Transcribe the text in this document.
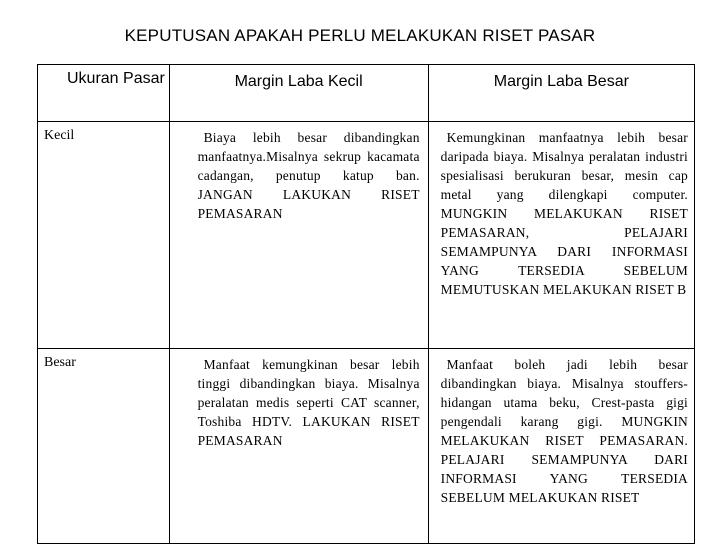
KEPUTUSAN APAKAH PERLU MELAKUKAN RISET PASAR
Ukuran Pasar	Margin Laba Kecil	Margin Laba Besar
Kecil	Biaya lebih besar dibandingkan manfaatnya.Misalnya sekrup kacamata cadangan, penutup katup ban. JANGAN LAKUKAN RISET PEMASARAN	Kemungkinan manfaatnya lebih besar daripada biaya. Misalnya peralatan industri spesialisasi berukuran besar, mesin cap metal yang dilengkapi computer. MUNGKIN MELAKUKAN RISET PEMASARAN, PELAJARI SEMAMPUNYA DARI INFORMASI YANG TERSEDIA SEBELUM MEMUTUSKAN MELAKUKAN RISET B

Besar	Manfaat kemungkinan besar lebih tinggi dibandingkan biaya. Misalnya peralatan medis seperti CAT scanner, Toshiba HDTV. LAKUKAN RISET PEMASARAN	Manfaat boleh jadi lebih besar dibandingkan biaya. Misalnya stouffers-hidangan utama beku, Crest-pasta gigi pengendali karang gigi. MUNGKIN MELAKUKAN RISET PEMASARAN. PELAJARI SEMAMPUNYA DARI INFORMASI YANG TERSEDIA SEBELUM MELAKUKAN RISET
